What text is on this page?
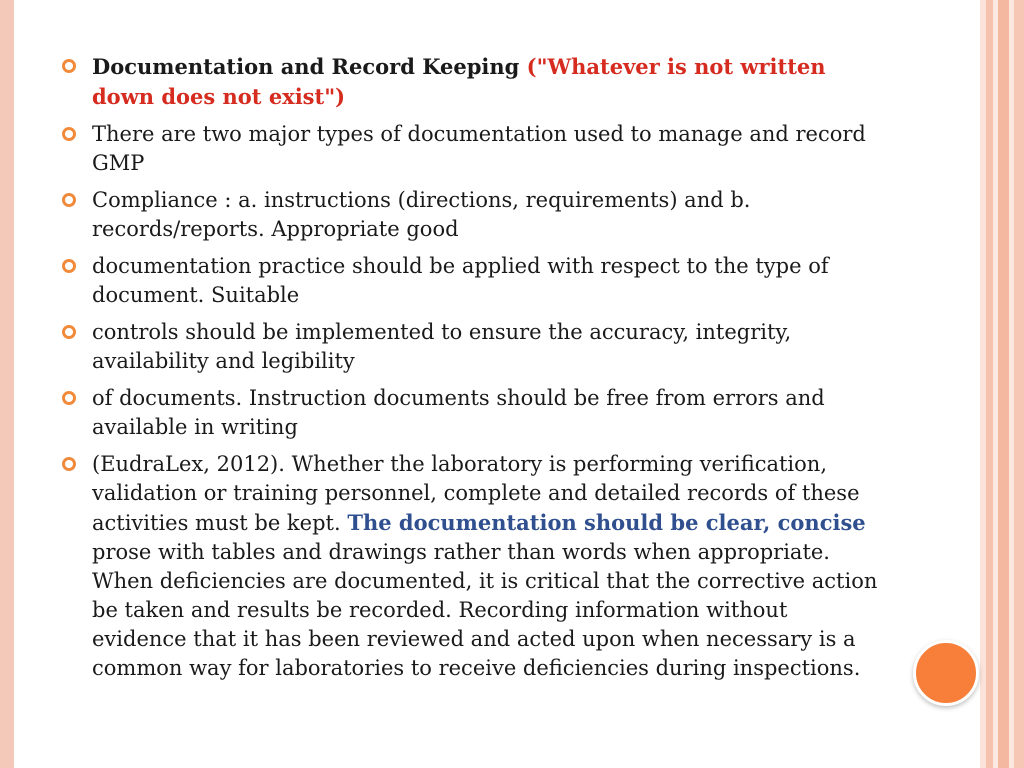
Documentation and Record Keeping ("Whatever is not written down does not exist")
There are two major types of documentation used to manage and record GMP
Compliance : a. instructions (directions, requirements) and b. records/reports. Appropriate good
documentation practice should be applied with respect to the type of document. Suitable
controls should be implemented to ensure the accuracy, integrity, availability and legibility
of documents. Instruction documents should be free from errors and available in writing
(EudraLex, 2012). Whether the laboratory is performing verification, validation or training personnel, complete and detailed records of these activities must be kept. The documentation should be clear, concise prose with tables and drawings rather than words when appropriate. When deficiencies are documented, it is critical that the corrective action be taken and results be recorded. Recording information without evidence that it has been reviewed and acted upon when necessary is a common way for laboratories to receive deficiencies during inspections.
